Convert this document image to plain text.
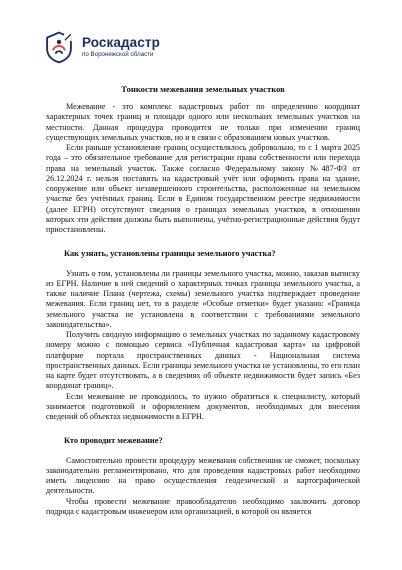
Роскадастр
по Воронежской области
Тонкости межевания земельных участков

Межевание - это комплекс кадастровых работ по определению координат характерных точек границ и площади одного или нескольких земельных участков на местности. Данная процедура проводится не только при изменении границ существующих земельных участков, но и в связи с образованием новых участков.

Если раньше установление границ осуществлялось добровольно, то с 1 марта 2025 года – это обязательное требование для регистрации права собственности или перехода права на земельный участок. Также согласно Федеральному закону №487-ФЗ от 26.12.2024 г. нельзя поставить на кадастровый учёт или оформить права на здание, сооружение или объект незавершенного строительства, расположенные на земельном участке без учтённых границ. Если в Едином государственном реестре недвижимости (далее ЕГРН) отсутствуют сведения о границах земельных участков, в отношении которых эти действия должны быть выполнены, учётно-регистрационные действия будут приостановлены.

Как узнать, установлены границы земельного участка?

Узнать о том, установлены ли границы земельного участка, можно, заказав выписку из ЕГРН. Наличие в ней сведений о характерных точках границы земельного участка, а также наличие Плана (чертежа, схемы) земельного участка подтверждает проведение межевания. Если границ нет, то в разделе «Особые отметки» будет указано: «Граница земельного участка не установлена в соответствии с требованиями земельного законодательства».

Получить сводную информацию о земельных участках по заданному кадастровому номеру можно с помощью сервиса «Публичная кадастровая карта» на цифровой платформе портала пространственных данных - Национальная система пространственных данных. Если границы земельного участка не установлены, то его план на карте будет отсутствовать, а в сведениях об объекте недвижимости будет запись «Без координат границ».

Если межевание не проводилось, то нужно обратиться к специалисту, который занимается подготовкой и оформлением документов, необходимых для внесения сведений об объектах недвижимости в ЕГРН.

Кто проводит межевание?

Самостоятельно провести процедуру межевания собственник не сможет, поскольку законодательно регламентировано, что для проведения кадастровых работ необходимо иметь лицензию на право осуществления геодезической и картографической деятельности.

Чтобы провести межевание правообладателю необходимо заключить договор подряда с кадастровым инженером или организацией, в которой он является
